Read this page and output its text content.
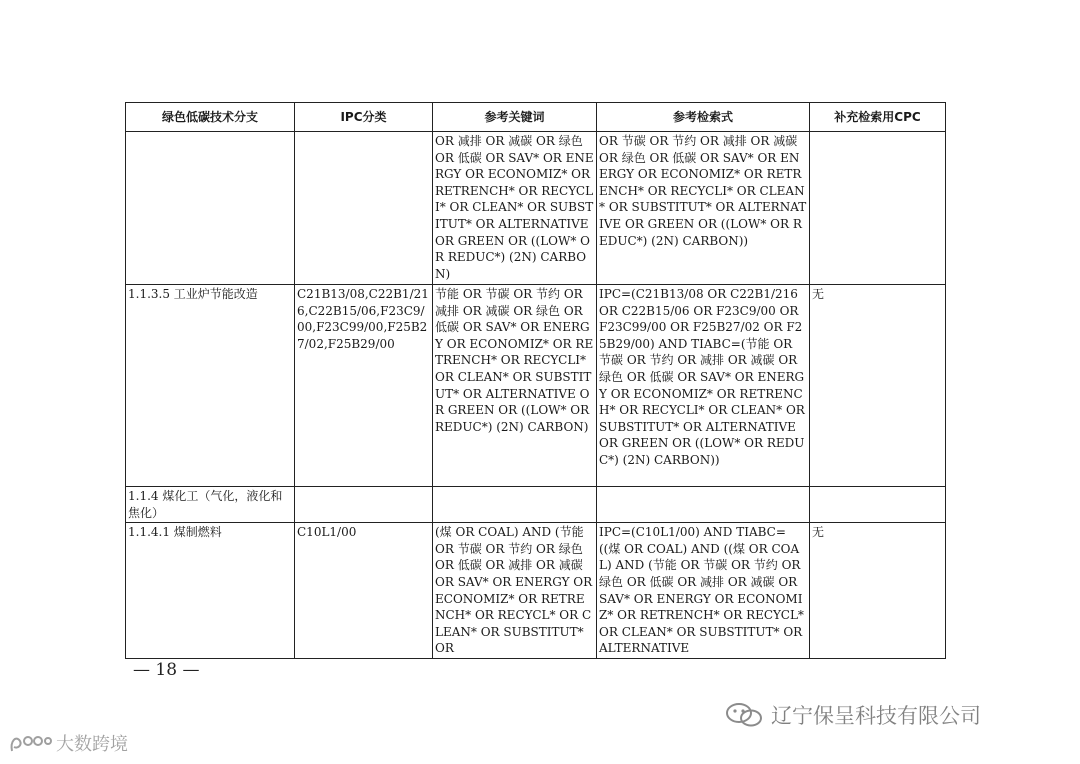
绿色低碳技术分支	IPC分类	参考关键词	参考检索式	补充检索用CPC
		OR 减排 OR 减碳 OR 绿色 OR 低碳 OR SAV* OR ENERGY OR ECONOMIZ* OR RETRENCH* OR RECYCLI* OR CLEAN* OR SUBSTITUT* OR ALTERNATIVE OR GREEN OR ((LOW* OR REDUC*) (2N) CARBON)	OR 节碳 OR 节约 OR 减排 OR 减碳 OR 绿色 OR 低碳 OR SAV* OR ENERGY OR ECONOMIZ* OR RETRENCH* OR RECYCLI* OR CLEAN* OR SUBSTITUT* OR ALTERNATIVE OR GREEN OR ((LOW* OR REDUC*) (2N) CARBON))	
1.1.3.5 工业炉节能改造	C21B13/08,C22B1/216,C22B15/06,F23C9/00,F23C99/00,F25B27/02,F25B29/00	节能 OR 节碳 OR 节约 OR 减排 OR 减碳 OR 绿色 OR 低碳 OR SAV* OR ENERGY OR ECONOMIZ* OR RETRENCH* OR RECYCLI* OR CLEAN* OR SUBSTITUT* OR ALTERNATIVE OR GREEN OR ((LOW* OR REDUC*) (2N) CARBON)	IPC=(C21B13/08 OR C22B1/216 OR C22B15/06 OR F23C9/00 OR F23C99/00 OR F25B27/02 OR F25B29/00) AND TIABC=(节能 OR 节碳 OR 节约 OR 减排 OR 减碳 OR 绿色 OR 低碳 OR SAV* OR ENERGY OR ECONOMIZ* OR RETRENCH* OR RECYCLI* OR CLEAN* OR SUBSTITUT* OR ALTERNATIVE OR GREEN OR ((LOW* OR REDUC*) (2N) CARBON))	无
1.1.4 煤化工（气化，液化和焦化）				
1.1.4.1 煤制燃料	C10L1/00	(煤 OR COAL) AND (节能 OR 节碳 OR 节约 OR 绿色 OR 低碳 OR 减排 OR 减碳 OR SAV* OR ENERGY OR ECONOMIZ* OR RETRENCH* OR RECYCL* OR CLEAN* OR SUBSTITUT* OR	IPC=(C10L1/00) AND TIABC=((煤 OR COAL) AND ((煤 OR COAL) AND (节能 OR 节碳 OR 节约 OR 绿色 OR 低碳 OR 减排 OR 减碳 OR SAV* OR ENERGY OR ECONOMIZ* OR RETRENCH* OR RECYCL* OR CLEAN* OR SUBSTITUT* OR ALTERNATIVE	无
— 18 —
辽宁保呈科技有限公司
大数跨境
